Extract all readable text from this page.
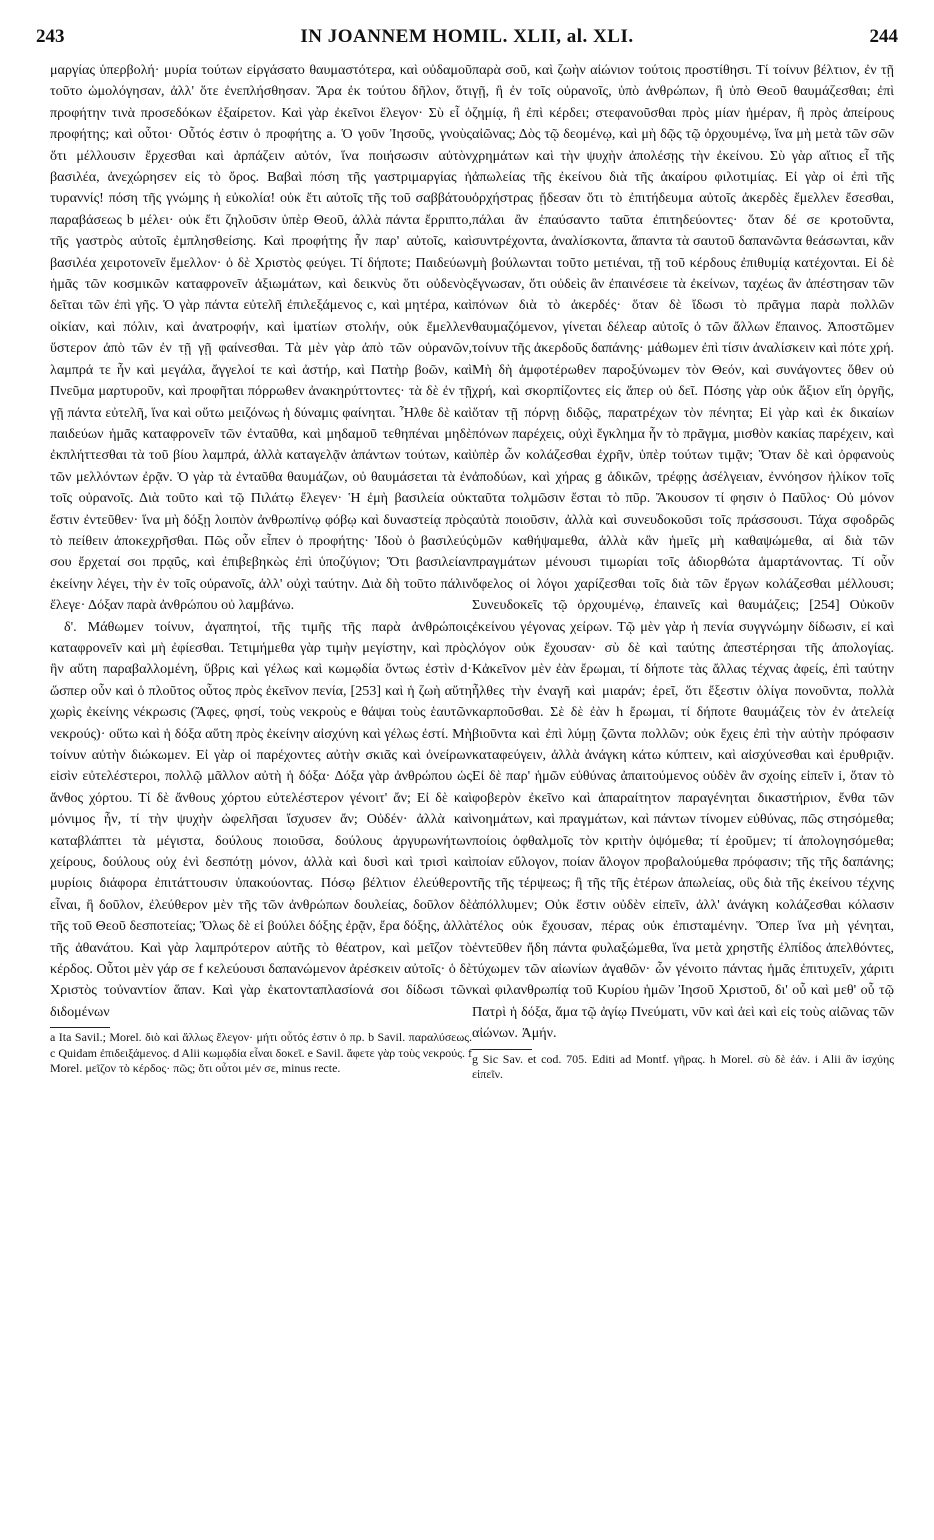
243	IN JOANNEM HOMIL. XLII, al. XLI.	244

μαργίας ὑπερβολή· μυρία τούτων εἰργάσατο θαυμαστότερα, καὶ οὐδαμοῦ τοῦτο ὡμολόγησαν, ἀλλ' ὅτε ἐνεπλήσθησαν. Ἄρα ἐκ τούτου δῆλον, ὅτι προφήτην τινὰ προσεδόκων ἐξαίρετον. Καὶ γὰρ ἐκεῖνοι ἔλεγον· Σὺ εἶ ὁ προφήτης; καὶ οὗτοι· Οὗτός ἐστιν ὁ προφήτης a. Ὁ γοῦν Ἰησοῦς, γνοὺς ὅτι μέλλουσιν ἔρχεσθαι καὶ ἁρπάζειν αὐτόν, ἵνα ποιήσωσιν αὐτὸν βασιλέα, ἀνεχώρησεν εἰς τὸ ὄρος. Βαβαὶ πόση τῆς γαστριμαργίας ἡ τυραννίς! πόση τῆς γνώμης ἡ εὐκολία! οὐκ ἔτι αὐτοῖς τῆς τοῦ σαββάτου παραβάσεως b μέλει· οὐκ ἔτι ζηλοῦσιν ὑπὲρ Θεοῦ, ἀλλὰ πάντα ἔρριπτο, τῆς γαστρὸς αὐτοῖς ἐμπλησθείσης. Καὶ προφήτης ἦν παρ' αὐτοῖς, καὶ βασιλέα χειροτονεῖν ἔμελλον· ὁ δὲ Χριστὸς φεύγει. Τί δήποτε; Παιδεύων ἡμᾶς τῶν κοσμικῶν καταφρονεῖν ἀξιωμάτων, καὶ δεικνὺς ὅτι οὐδενὸς δεῖται τῶν ἐπὶ γῆς. Ὁ γὰρ πάντα εὐτελῆ ἐπιλεξάμενος c, καὶ μητέρα, καὶ οἰκίαν, καὶ πόλιν, καὶ ἀνατροφήν, καὶ ἱματίων στολήν, οὐκ ἔμελλεν ὕστερον ἀπὸ τῶν ἐν τῇ γῇ φαίνεσθαι. Τὰ μὲν γὰρ ἀπὸ τῶν οὐρανῶν, λαμπρά τε ἦν καὶ μεγάλα, ἄγγελοί τε καὶ ἀστήρ, καὶ Πατὴρ βοῶν, καὶ Πνεῦμα μαρτυροῦν, καὶ προφῆται πόρρωθεν ἀνακηρύττοντες· τὰ δὲ ἐν τῇ γῇ πάντα εὐτελῆ, ἵνα καὶ οὕτω μειζόνως ἡ δύναμις φαίνηται. Ἦλθε δὲ καὶ παιδεύων ἡμᾶς καταφρονεῖν τῶν ἐνταῦθα, καὶ μηδαμοῦ τεθηπέναι μηδὲ ἐκπλήττεσθαι τὰ τοῦ βίου λαμπρά, ἀλλὰ καταγελᾷν ἁπάντων τούτων, καὶ τῶν μελλόντων ἐρᾷν. Ὁ γὰρ τὰ ἐνταῦθα θαυμάζων, οὐ θαυμάσεται τὰ ἐν τοῖς οὐρανοῖς. Διὰ τοῦτο καὶ τῷ Πιλάτῳ ἔλεγεν· Ἡ ἐμὴ βασιλεία οὐκ ἔστιν ἐντεῦθεν· ἵνα μὴ δόξῃ λοιπὸν ἀνθρωπίνῳ φόβῳ καὶ δυναστείᾳ πρὸς τὸ πείθειν ἀποκεχρῆσθαι. Πῶς οὖν εἶπεν ὁ προφήτης· Ἰδοὺ ὁ βασιλεύς σου ἔρχεταί σοι πρᾳΰς, καὶ ἐπιβεβηκὼς ἐπὶ ὑποζύγιον; Ὅτι βασιλείαν ἐκείνην λέγει, τὴν ἐν τοῖς οὐρανοῖς, ἀλλ' οὐχὶ ταύτην. Διὰ δὴ τοῦτο πάλιν ἔλεγε· Δόξαν παρὰ ἀνθρώπου οὐ λαμβάνω.

δ'. Μάθωμεν τοίνυν, ἀγαπητοί, τῆς τιμῆς τῆς παρὰ ἀνθρώποις καταφρονεῖν καὶ μὴ ἐφίεσθαι. Τετιμήμεθα γὰρ τιμὴν μεγίστην, καὶ πρὸς ἣν αὕτη παραβαλλομένη, ὕβρις καὶ γέλως καὶ κωμῳδία ὄντως ἐστὶν d· ὥσπερ οὖν καὶ ὁ πλοῦτος οὗτος πρὸς ἐκεῖνον πενία, [253] καὶ ἡ ζωὴ αὕτη χωρὶς ἐκείνης νέκρωσις (Ἄφες, φησί, τοὺς νεκροὺς e θάψαι τοὺς ἑαυτῶν νεκρούς)· οὕτω καὶ ἡ δόξα αὕτη πρὸς ἐκείνην αἰσχύνη καὶ γέλως ἐστί. Μὴ τοίνυν αὐτὴν διώκωμεν. Εἰ γὰρ οἱ παρέχοντες αὐτὴν σκιᾶς καὶ ὀνείρων εἰσὶν εὐτελέστεροι, πολλῷ μᾶλλον αὐτὴ ἡ δόξα· Δόξα γὰρ ἀνθρώπου ὡς ἄνθος χόρτου. Τί δὲ ἄνθους χόρτου εὐτελέστερον γένοιτ' ἄν; Εἰ δὲ καὶ μόνιμος ἦν, τί τὴν ψυχὴν ὠφελῆσαι ἴσχυσεν ἄν; Οὐδέν· ἀλλὰ καὶ καταβλάπτει τὰ μέγιστα, δούλους ποιοῦσα, δούλους ἀργυρωνήτων χείρους, δούλους οὐχ ἑνὶ δεσπότῃ μόνον, ἀλλὰ καὶ δυσὶ καὶ τρισὶ καὶ μυρίοις διάφορα ἐπιτάττουσιν ὑπακούοντας. Πόσῳ βέλτιον ἐλεύθερον εἶναι, ἢ δοῦλον, ἐλεύθερον μὲν τῆς τῶν ἀνθρώπων δουλείας, δοῦλον δὲ τῆς τοῦ Θεοῦ δεσποτείας; Ὅλως δὲ εἰ βούλει δόξης ἐρᾷν, ἔρα δόξης, ἀλλὰ τῆς ἀθανάτου. Καὶ γὰρ λαμπρότερον αὐτῆς τὸ θέατρον, καὶ μεῖζον τὸ κέρδος. Οὗτοι μὲν γάρ σε f κελεύουσι δαπανώμενον ἀρέσκειν αὐτοῖς· ὁ δὲ Χριστὸς τοὐναντίον ἅπαν. Καὶ γὰρ ἑκατονταπλασίονά σοι δίδωσι τῶν διδομένων

a Ita Savil.; Morel. διὸ καὶ ἄλλως ἔλεγον· μήτι οὗτός ἐστιν ὁ πρ. b Savil. παραλύσεως. c Quidam ἐπιδειξάμενος. d Alii κωμῳδία εἶναι δοκεῖ. e Savil. ἄφετε γὰρ τοὺς νεκρούς. f Morel. μεῖζον τὸ κέρδος· πῶς; ὅτι οὗτοι μέν σε, minus recte.

παρὰ σοῦ, καὶ ζωὴν αἰώνιον τούτοις προστίθησι. Τί τοίνυν βέλτιον, ἐν τῇ γῇ, ἢ ἐν τοῖς οὐρανοῖς, ὑπὸ ἀνθρώπων, ἢ ὑπὸ Θεοῦ θαυμάζεσθαι; ἐπὶ ζημίᾳ, ἢ ἐπὶ κέρδει; στεφανοῦσθαι πρὸς μίαν ἡμέραν, ἢ πρὸς ἀπείρους αἰῶνας; Δὸς τῷ δεομένῳ, καὶ μὴ δῷς τῷ ὀρχουμένῳ, ἵνα μὴ μετὰ τῶν σῶν χρημάτων καὶ τὴν ψυχὴν ἀπολέσῃς τὴν ἐκείνου. Σὺ γὰρ αἴτιος εἶ τῆς ἀπωλείας τῆς ἐκείνου διὰ τῆς ἀκαίρου φιλοτιμίας. Εἰ γὰρ οἱ ἐπὶ τῆς ὀρχήστρας ᾔδεσαν ὅτι τὸ ἐπιτήδευμα αὐτοῖς ἀκερδὲς ἔμελλεν ἔσεσθαι, πάλαι ἂν ἐπαύσαντο ταῦτα ἐπιτηδεύοντες· ὅταν δέ σε κροτοῦντα, συντρέχοντα, ἀναλίσκοντα, ἅπαντα τὰ σαυτοῦ δαπανῶντα θεάσωνται, κἂν μὴ βούλωνται τοῦτο μετιέναι, τῇ τοῦ κέρδους ἐπιθυμίᾳ κατέχονται. Εἰ δὲ ἔγνωσαν, ὅτι οὐδεὶς ἂν ἐπαινέσειε τὰ ἐκείνων, ταχέως ἂν ἀπέστησαν τῶν πόνων διὰ τὸ ἀκερδές· ὅταν δὲ ἴδωσι τὸ πρᾶγμα παρὰ πολλῶν θαυμαζόμενον, γίνεται δέλεαρ αὐτοῖς ὁ τῶν ἄλλων ἔπαινος. Ἀποστῶμεν τοίνυν τῆς ἀκερδοῦς δαπάνης· μάθωμεν ἐπὶ τίσιν ἀναλίσκειν καὶ πότε χρή. Μὴ δὴ ἀμφοτέρωθεν παροξύνωμεν τὸν Θεόν, καὶ συνάγοντες ὅθεν οὐ χρή, καὶ σκορπίζοντες εἰς ἅπερ οὐ δεῖ. Πόσης γὰρ οὐκ ἄξιον εἴη ὀργῆς, ὅταν τῇ πόρνῃ διδῷς, παρατρέχων τὸν πένητα; Εἰ γὰρ καὶ ἐκ δικαίων πόνων παρέχεις, οὐχὶ ἔγκλημα ἦν τὸ πρᾶγμα, μισθὸν κακίας παρέχειν, καὶ ὑπὲρ ὧν κολάζεσθαι ἐχρῆν, ὑπὲρ τούτων τιμᾷν; Ὅταν δὲ καὶ ὀρφανοὺς ἀποδύων, καὶ χήρας g ἀδικῶν, τρέφῃς ἀσέλγειαν, ἐννόησον ἡλίκον τοῖς ταῦτα τολμῶσιν ἔσται τὸ πῦρ. Ἄκουσον τί φησιν ὁ Παῦλος· Οὐ μόνον αὐτὰ ποιοῦσιν, ἀλλὰ καὶ συνευδοκοῦσι τοῖς πράσσουσι. Τάχα σφοδρῶς ὑμῶν καθήψαμεθα, ἀλλὰ κἂν ἡμεῖς μὴ καθαψώμεθα, αἱ διὰ τῶν πραγμάτων μένουσι τιμωρίαι τοῖς ἀδιορθώτα ἁμαρτάνοντας. Τί οὖν ὄφελος οἱ λόγοι χαρίζεσθαι τοῖς διὰ τῶν ἔργων κολάζεσθαι μέλλουσι; Συνευδοκεῖς τῷ ὀρχουμένῳ, ἐπαινεῖς καὶ θαυμάζεις; [254] Οὐκοῦν ἐκείνου γέγονας χείρων. Τῷ μὲν γὰρ ἡ πενία συγγνώμην δίδωσιν, εἰ καὶ λόγον οὐκ ἔχουσαν· σὺ δὲ καὶ ταύτης ἀπεστέρησαι τῆς ἀπολογίας. Κἀκεῖνον μὲν ἐὰν ἔρωμαι, τί δήποτε τὰς ἄλλας τέχνας ἀφείς, ἐπὶ ταύτην ἦλθες τὴν ἐναγῆ καὶ μιαράν; ἐρεῖ, ὅτι ἔξεστιν ὀλίγα πονοῦντα, πολλὰ καρποῦσθαι. Σὲ δὲ ἐὰν h ἔρωμαι, τί δήποτε θαυμάζεις τὸν ἐν ἀτελείᾳ βιοῦντα καὶ ἐπὶ λύμῃ ζῶντα πολλῶν; οὐκ ἔχεις ἐπὶ τὴν αὐτὴν πρόφασιν καταφεύγειν, ἀλλὰ ἀνάγκη κάτω κύπτειν, καὶ αἰσχύνεσθαι καὶ ἐρυθριᾷν. Εἰ δὲ παρ' ἡμῶν εὐθύνας ἀπαιτούμενος οὐδὲν ἂν σχοίης εἰπεῖν i, ὅταν τὸ φοβερὸν ἐκεῖνο καὶ ἀπαραίτητον παραγένηται δικαστήριον, ἔνθα τῶν νοημάτων, καὶ πραγμάτων, καὶ πάντων τίνομεν εὐθύνας, πῶς στησόμεθα; ποίοις ὀφθαλμοῖς τὸν κριτὴν ὀψόμεθα; τί ἐροῦμεν; τί ἀπολογησόμεθα; ποίαν εὔλογον, ποίαν ἄλογον προβαλούμεθα πρόφασιν; τῆς τῆς δαπάνης; τῆς τῆς τέρψεως; ἢ τῆς τῆς ἑτέρων ἀπωλείας, οὓς διὰ τῆς ἐκείνου τέχνης ἀπόλλυμεν; Οὐκ ἔστιν οὐδὲν εἰπεῖν, ἀλλ' ἀνάγκη κολάζεσθαι κόλασιν τέλος οὐκ ἔχουσαν, πέρας οὐκ ἐπισταμένην. Ὅπερ ἵνα μὴ γένηται, ἐντεῦθεν ἤδη πάντα φυλαξώμεθα, ἵνα μετὰ χρηστῆς ἐλπίδος ἀπελθόντες, τύχωμεν τῶν αἰωνίων ἀγαθῶν· ὧν γένοιτο πάντας ἡμᾶς ἐπιτυχεῖν, χάριτι καὶ φιλανθρωπίᾳ τοῦ Κυρίου ἡμῶν Ἰησοῦ Χριστοῦ, δι' οὗ καὶ μεθ' οὗ τῷ Πατρὶ ἡ δόξα, ἅμα τῷ ἁγίῳ Πνεύματι, νῦν καὶ ἀεὶ καὶ εἰς τοὺς αἰῶνας τῶν αἰώνων. Ἀμήν.

g Sic Sav. et cod. 705. Editi ad Montf. γῆρας. h Morel. σὺ δὲ ἐάν. i Alii ἂν ἰσχύης εἰπεῖν.
